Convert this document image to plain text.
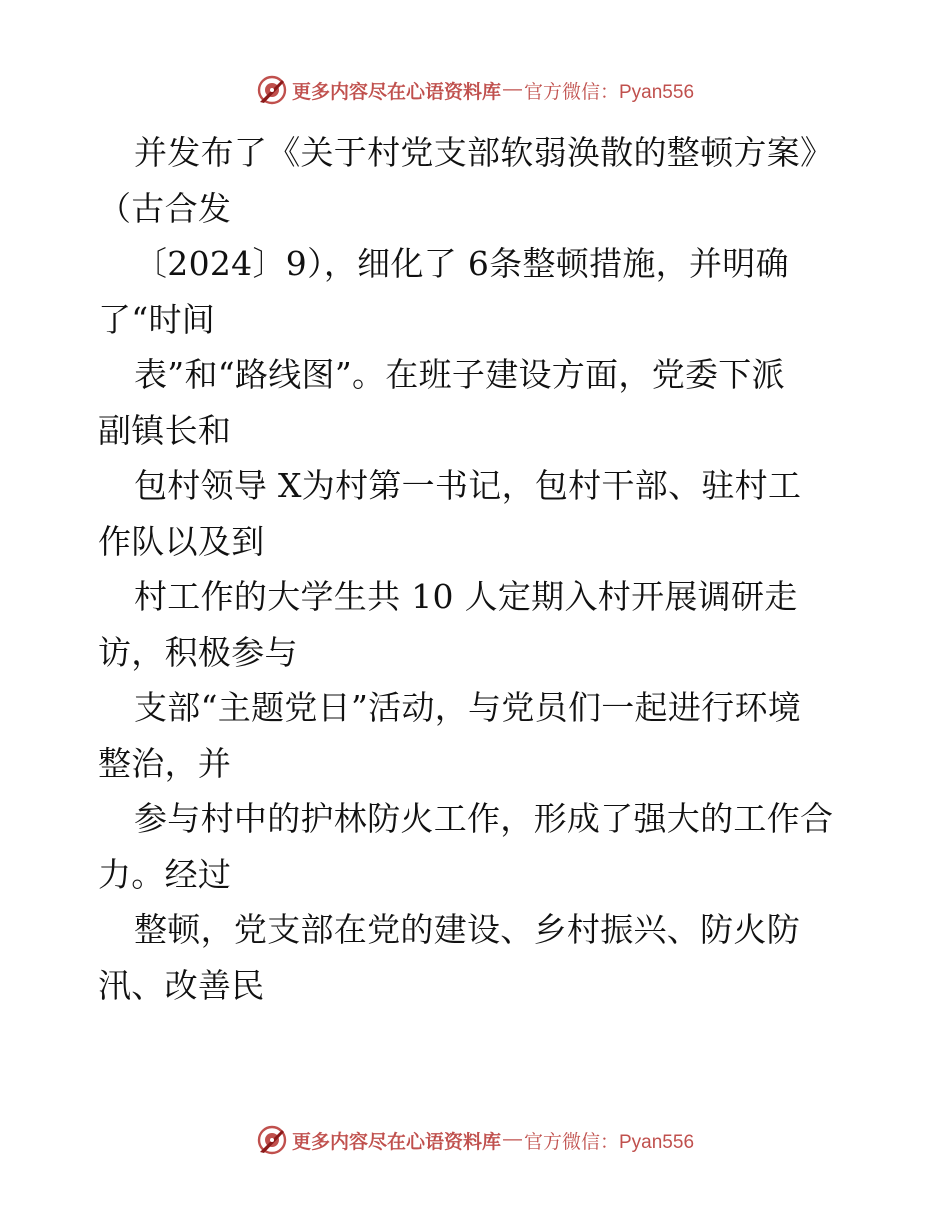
更多内容尽在心语资料库 — 官方微信：Pyan556

并发布了《关于村党支部软弱涣散的整顿方案》
（古合发

〔2024〕9），细化了 6条整顿措施，并明确
了“时间

表”和“路线图”。在班子建设方面，党委下派
副镇长和

包村领导 X为村第一书记，包村干部、驻村工
作队以及到

村工作的大学生共 10 人定期入村开展调研走
访，积极参与

支部“主题党日”活动，与党员们一起进行环境
整治，并

参与村中的护林防火工作，形成了强大的工作合
力。经过

整顿，党支部在党的建设、乡村振兴、防火防
汛、改善民

更多内容尽在心语资料库 — 官方微信：Pyan556
